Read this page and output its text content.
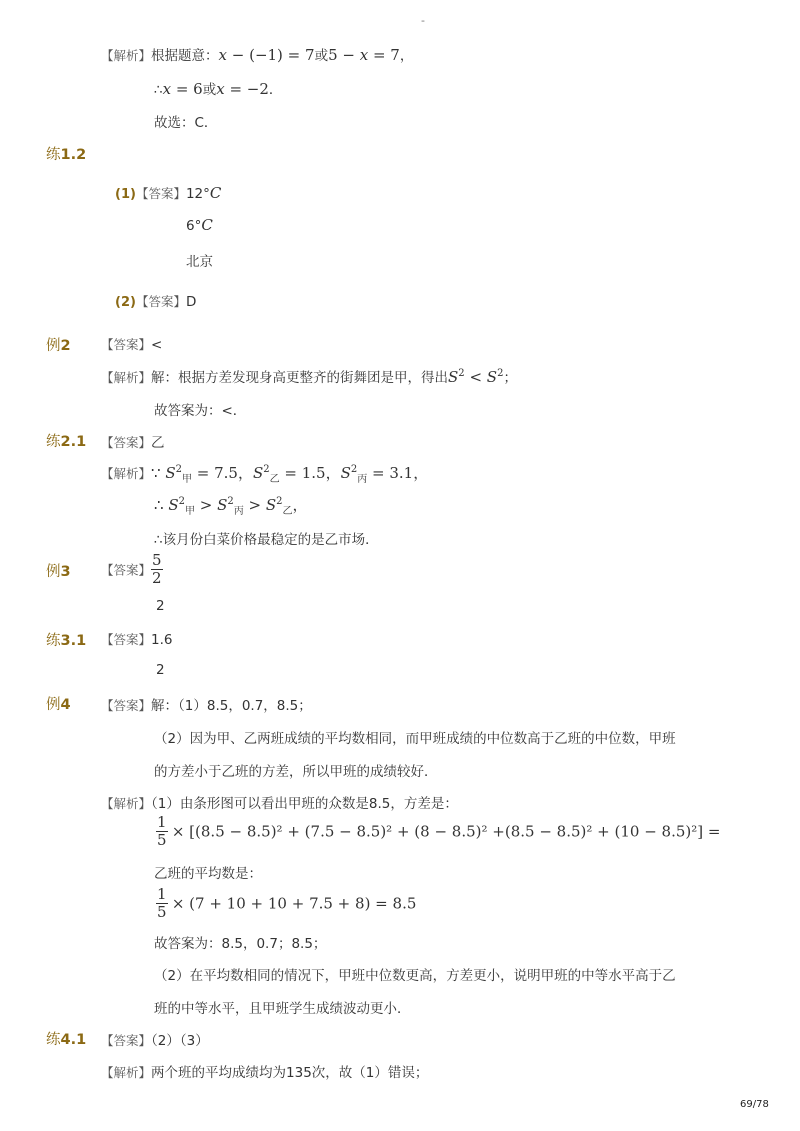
-
【解析】根据题意：x − (−1) = 7或5 − x = 7，
∴x = 6或x = −2．
故选：C．
练1.2
(1)【答案】12°C
6°C
北京
(2)【答案】D
例2 【答案】<
【解析】解：根据方差发现身高更整齐的街舞团是甲，得出$S^2 < S^2$；
故答案为：<．
练2.1 【答案】乙
【解析】∵ $S^2_甲 = 7.5$，$S^2_乙 = 1.5$，$S^2_丙 = 3.1$，
∴ $S^2_甲 > S^2_丙 > S^2_乙$，
∴该月份白菜价格最稳定的是乙市场．
例3 【答案】 $\frac{5}{2}$
2
练3.1 【答案】1.6
2
例4 【答案】解：（1）8.5，0.7，8.5；
（2）因为甲、乙两班成绩的平均数相同，而甲班成绩的中位数高于乙班的中位数，甲班
的方差小于乙班的方差，所以甲班的成绩较好．
【解析】（1）由条形图可以看出甲班的众数是8.5，方差是：
$\frac{1}{5} \times [(8.5 - 8.5)^2 + (7.5 - 8.5)^2 + (8 - 8.5)^2 +(8.5 - 8.5)^2 + (10 - 8.5)^2]$ =
乙班的平均数是：
$\frac{1}{5} \times (7 + 10 + 10 + 7.5 + 8) = 8.5$
故答案为：8.5，0.7；8.5；
（2）在平均数相同的情况下，甲班中位数更高，方差更小，说明甲班的中等水平高于乙
班的中等水平，且甲班学生成绩波动更小．
练4.1 【答案】（2）（3）
【解析】两个班的平均成绩均为135次，故（1）错误；
69/78
